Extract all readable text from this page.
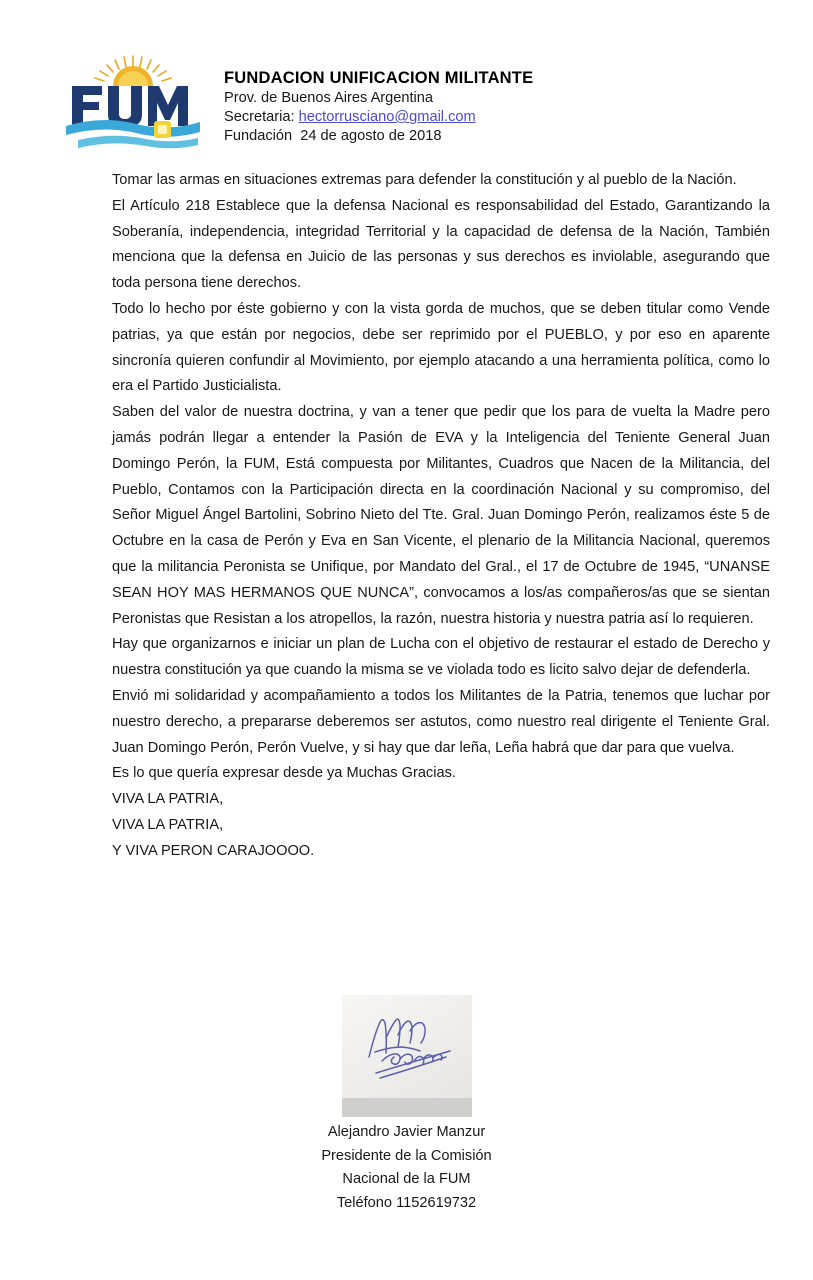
FUNDACION UNIFICACION MILITANTE
Prov. de Buenos Aires Argentina
Secretaria: hectorrusciano@gmail.com
Fundación 24 de agosto de 2018

Tomar las armas en situaciones extremas para defender la constitución y al pueblo de la Nación.

El Artículo 218 Establece que la defensa Nacional es responsabilidad del Estado, Garantizando la Soberanía, independencia, integridad Territorial y la capacidad de defensa de la Nación, También menciona que la defensa en Juicio de las personas y sus derechos es inviolable, asegurando que toda persona tiene derechos.

Todo lo hecho por éste gobierno y con la vista gorda de muchos, que se deben titular como Vende patrias, ya que están por negocios, debe ser reprimido por el PUEBLO, y por eso en aparente sincronía quieren confundir al Movimiento, por ejemplo atacando a una herramienta política, como lo era el Partido Justicialista.

Saben del valor de nuestra doctrina, y van a tener que pedir que los para de vuelta la Madre pero jamás podrán llegar a entender la Pasión de EVA y la Inteligencia del Teniente General Juan Domingo Perón, la FUM, Está compuesta por Militantes, Cuadros que Nacen de la Militancia, del Pueblo, Contamos con la Participación directa en la coordinación Nacional y su compromiso, del Señor Miguel Ángel Bartolini, Sobrino Nieto del Tte. Gral. Juan Domingo Perón, realizamos éste 5 de Octubre en la casa de Perón y Eva en San Vicente, el plenario de la Militancia Nacional, queremos que la militancia Peronista se Unifique, por Mandato del Gral., el 17 de Octubre de 1945, “UNANSE SEAN HOY MAS HERMANOS QUE NUNCA”, convocamos a los/as compañeros/as que se sientan Peronistas que Resistan a los atropellos, la razón, nuestra historia y nuestra patria así lo requieren.

Hay que organizarnos e iniciar un plan de Lucha con el objetivo de restaurar el estado de Derecho y nuestra constitución ya que cuando la misma se ve violada todo es licito salvo dejar de defenderla.

Envió mi solidaridad y acompañamiento a todos los Militantes de la Patria, tenemos que luchar por nuestro derecho, a prepararse deberemos ser astutos, como nuestro real dirigente el Teniente Gral. Juan Domingo Perón, Perón Vuelve, y si hay que dar leña, Leña habrá que dar para que vuelva.

Es lo que quería expresar desde ya Muchas Gracias.

VIVA LA PATRIA,

VIVA LA PATRIA,

Y VIVA PERON CARAJOOOO.

Alejandro Javier Manzur
Presidente de la Comisión
Nacional de la FUM
Teléfono 1152619732
